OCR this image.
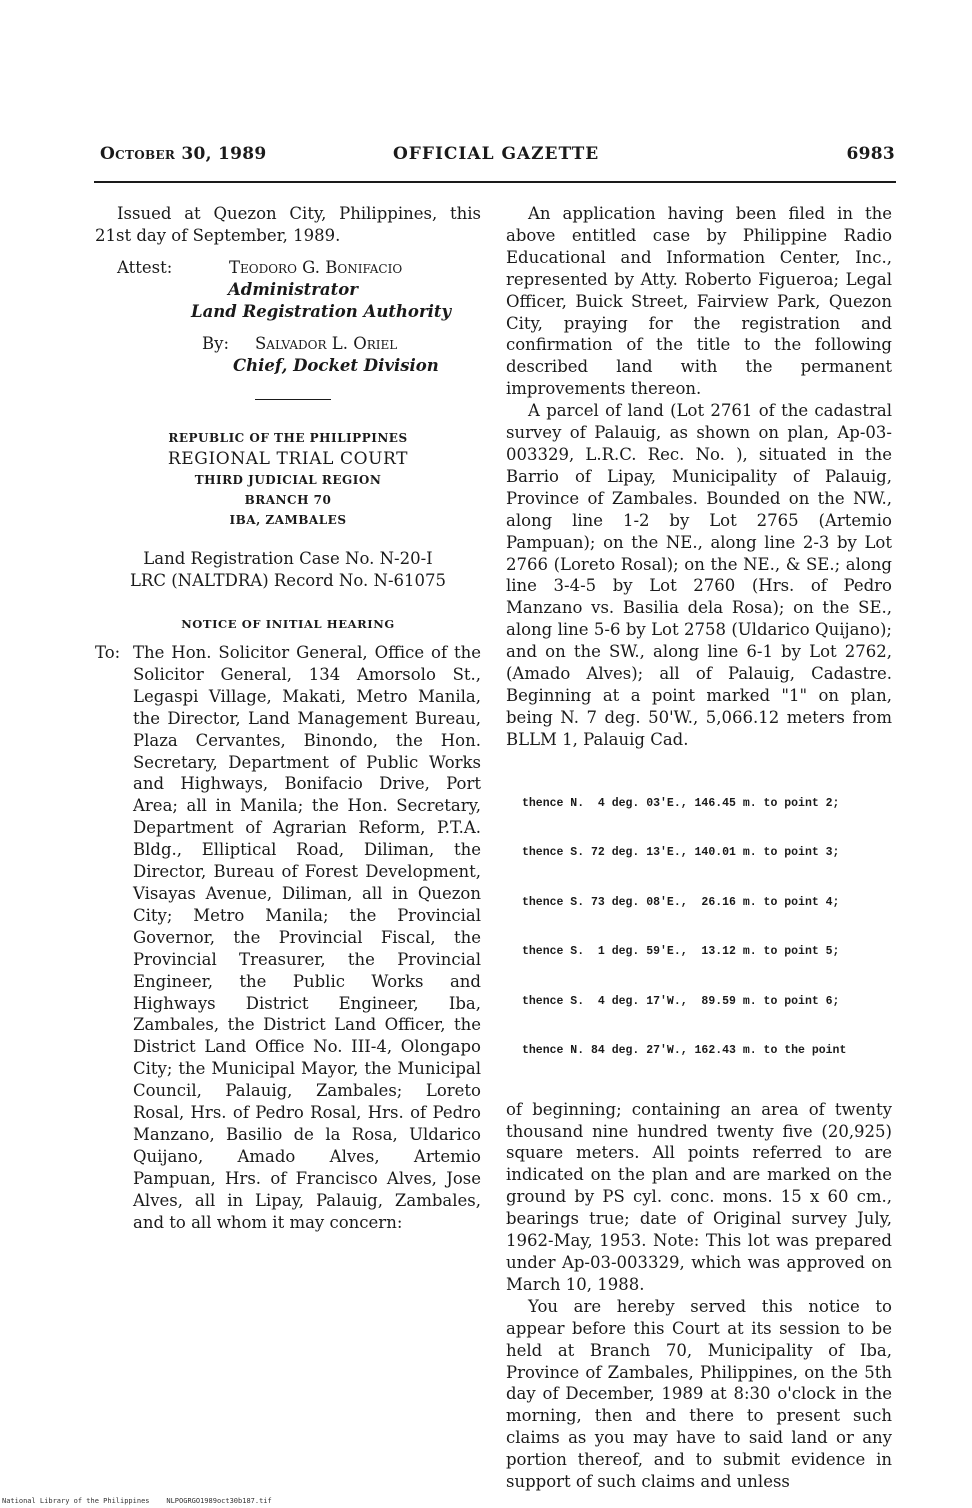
October 30, 1989	OFFICIAL GAZETTE	6983

Issued at Quezon City, Philippines, this 21st day of September, 1989.

Attest:	Teodoro G. Bonifacio
Administrator
Land Registration Authority
By: Salvador L. Oriel
Chief, Docket Division
REPUBLIC OF THE PHILIPPINES
REGIONAL TRIAL COURT
THIRD JUDICIAL REGION
BRANCH 70
IBA, ZAMBALES
Land Registration Case No. N-20-I
LRC (NALTDRA) Record No. N-61075
NOTICE OF INITIAL HEARING
To: The Hon. Solicitor General, Office of the Solicitor General, 134 Amorsolo St., Legaspi Village, Makati, Metro Manila, the Director, Land Management Bureau, Plaza Cervantes, Binondo, the Hon. Secretary, Department of Public Works and Highways, Bonifacio Drive, Port Area; all in Manila; the Hon. Secretary, Department of Agrarian Reform, P.T.A. Bldg., Elliptical Road, Diliman, the Director, Bureau of Forest Development, Visayas Avenue, Diliman, all in Quezon City; Metro Manila; the Provincial Governor, the Provincial Fiscal, the Provincial Treasurer, the Provincial Engineer, the Public Works and Highways District Engineer, Iba, Zambales, the District Land Officer, the District Land Office No. III-4, Olongapo City; the Municipal Mayor, the Municipal Council, Palauig, Zambales; Loreto Rosal, Hrs. of Pedro Rosal, Hrs. of Pedro Manzano, Basilio de la Rosa, Uldarico Quijano, Amado Alves, Artemio Pampuan, Hrs. of Francisco Alves, Jose Alves, all in Lipay, Palauig, Zambales, and to all whom it may concern:

An application having been filed in the above entitled case by Philippine Radio Educational and Information Center, Inc., represented by Atty. Roberto Figueroa; Legal Officer, Buick Street, Fairview Park, Quezon City, praying for the registration and confirmation of the title to the following described land with the permanent improvements thereon.

A parcel of land (Lot 2761 of the cadastral survey of Palauig, as shown on plan, Ap-03-003329, L.R.C. Rec. No. ), situated in the Barrio of Lipay, Municipality of Palauig, Province of Zambales. Bounded on the NW., along line 1-2 by Lot 2765 (Artemio Pampuan); on the NE., along line 2-3 by Lot 2766 (Loreto Rosal); on the NE., & SE.; along line 3-4-5 by Lot 2760 (Hrs. of Pedro Manzano vs. Basilia dela Rosa); on the SE., along line 5-6 by Lot 2758 (Uldarico Quijano); and on the SW., along line 6-1 by Lot 2762, (Amado Alves); all of Palauig, Cadastre. Beginning at a point marked "1" on plan, being N. 7 deg. 50'W., 5,066.12 meters from BLLM 1, Palauig Cad.

thence N.  4 deg. 03'E., 146.45 m. to point 2;

thence S. 72 deg. 13'E., 140.01 m. to point 3;

thence S. 73 deg. 08'E.,  26.16 m. to point 4;

thence S.  1 deg. 59'E.,  13.12 m. to point 5;

thence S.  4 deg. 17'W.,  89.59 m. to point 6;

thence N. 84 deg. 27'W., 162.43 m. to the point

of beginning; containing an area of twenty thousand nine hundred twenty five (20,925) square meters. All points referred to are indicated on the plan and are marked on the ground by PS cyl. conc. mons. 15 x 60 cm., bearings true; date of Original survey July, 1962-May, 1953. Note: This lot was prepared under Ap-03-003329, which was approved on March 10, 1988.

You are hereby served this notice to appear before this Court at its session to be held at Branch 70, Municipality of Iba, Province of Zambales, Philippines, on the 5th day of December, 1989 at 8:30 o'clock in the morning, then and there to present such claims as you may have to said land or any portion thereof, and to submit evidence in support of such claims and unless

National Library of the Philippines NLPOGRGO1989oct30b187.tif
